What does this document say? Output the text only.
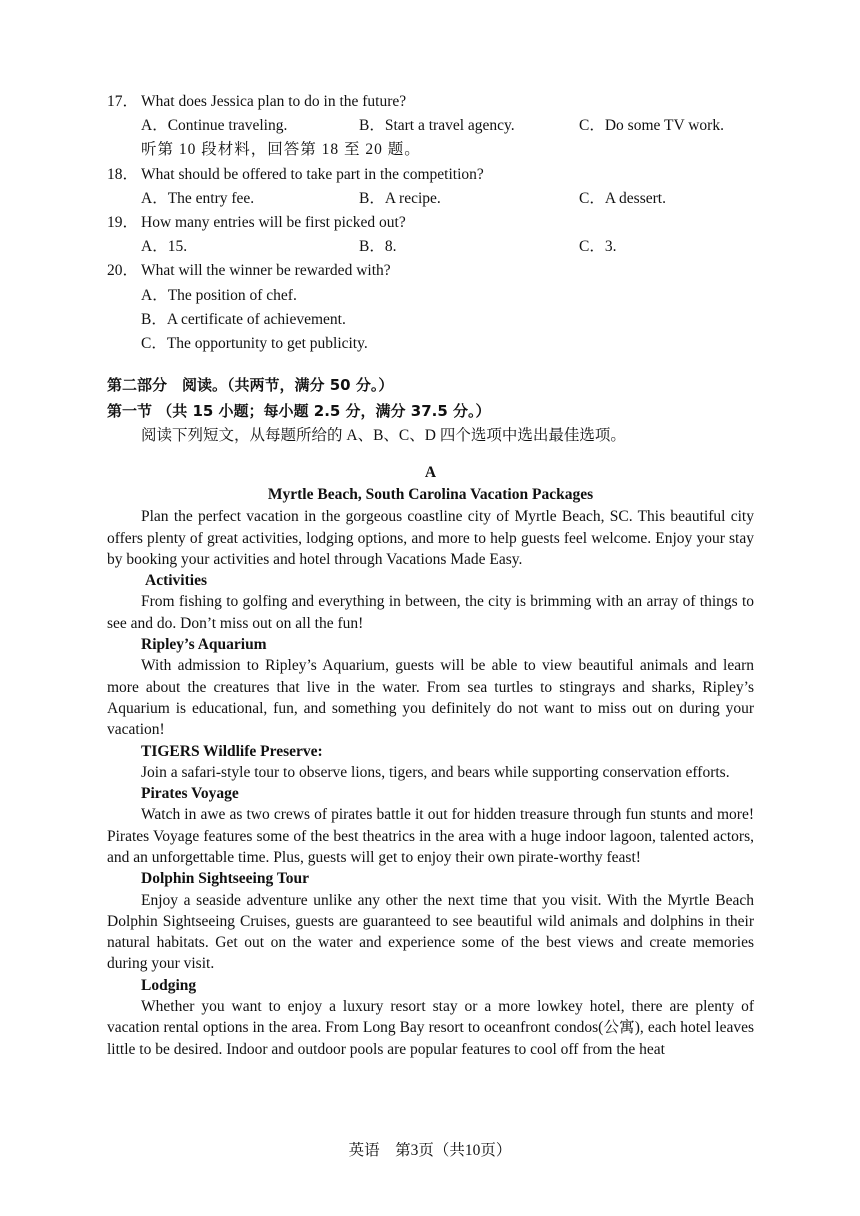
17． What does Jessica plan to do in the future?
A．Continue traveling.	B．Start a travel agency.	C．Do some TV work.
听第 10 段材料，回答第 18 至 20 题。
18． What should be offered to take part in the competition?
A．The entry fee.	B．A recipe.	C．A dessert.
19． How many entries will be first picked out?
A．15.	B．8.	C．3.
20． What will the winner be rewarded with?
A．The position of chef.
B．A certificate of achievement.
C．The opportunity to get publicity.
第二部分　阅读。（共两节，满分 50 分。）
第一节 （共 15 小题；每小题 2.5 分，满分 37.5 分。）
阅读下列短文，从每题所给的 A、B、C、D 四个选项中选出最佳选项。
A
Myrtle Beach, South Carolina Vacation Packages
Plan the perfect vacation in the gorgeous coastline city of Myrtle Beach, SC. This beautiful city offers plenty of great activities, lodging options, and more to help guests feel welcome. Enjoy your stay by booking your activities and hotel through Vacations Made Easy.
Activities
From fishing to golfing and everything in between, the city is brimming with an array of things to see and do. Don’t miss out on all the fun!
Ripley’s Aquarium
With admission to Ripley’s Aquarium, guests will be able to view beautiful animals and learn more about the creatures that live in the water. From sea turtles to stingrays and sharks, Ripley’s Aquarium is educational, fun, and something you definitely do not want to miss out on during your vacation!
TIGERS Wildlife Preserve:
Join a safari-style tour to observe lions, tigers, and bears while supporting conservation efforts.
Pirates Voyage
Watch in awe as two crews of pirates battle it out for hidden treasure through fun stunts and more! Pirates Voyage features some of the best theatrics in the area with a huge indoor lagoon, talented actors, and an unforgettable time. Plus, guests will get to enjoy their own pirate-worthy feast!
Dolphin Sightseeing Tour
Enjoy a seaside adventure unlike any other the next time that you visit. With the Myrtle Beach Dolphin Sightseeing Cruises, guests are guaranteed to see beautiful wild animals and dolphins in their natural habitats. Get out on the water and experience some of the best views and create memories during your visit.
Lodging
Whether you want to enjoy a luxury resort stay or a more lowkey hotel, there are plenty of vacation rental options in the area. From Long Bay resort to oceanfront condos(公寓), each hotel leaves little to be desired. Indoor and outdoor pools are popular features to cool off from the heat
英语　第3页（共10页）
